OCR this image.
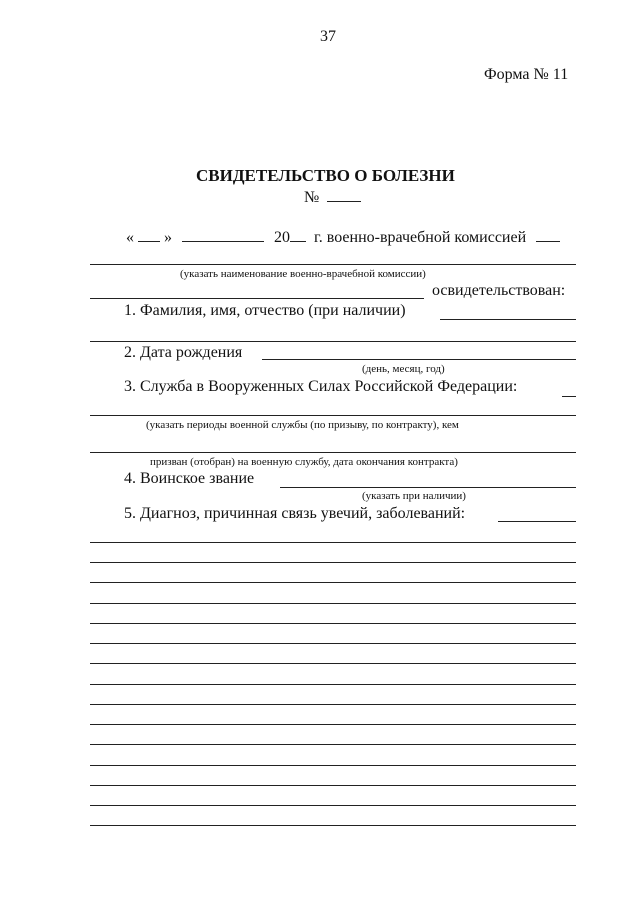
37
Форма № 11
СВИДЕТЕЛЬСТВО О БОЛЕЗНИ
№
« »	20 г. военно-врачебной комиссией
(указать наименование военно-врачебной комиссии)
освидетельствован:
1. Фамилия, имя, отчество (при наличии)
2. Дата рождения
(день, месяц, год)
3. Служба в Вооруженных Силах Российской Федерации:
(указать периоды военной службы (по призыву, по контракту), кем
призван (отобран) на военную службу, дата окончания контракта)
4. Воинское звание
(указать при наличии)
5. Диагноз, причинная связь увечий, заболеваний:
